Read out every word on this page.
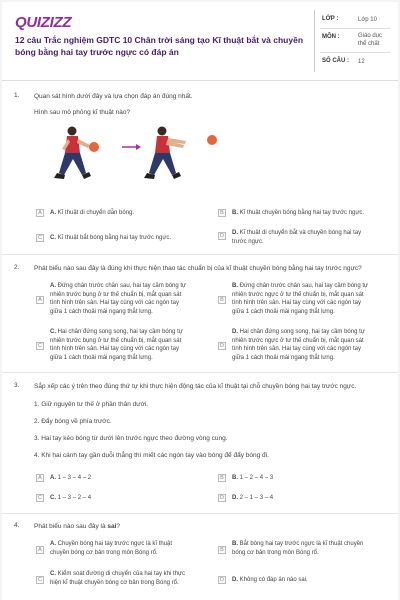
QUIZIZZ
12 câu Trắc nghiệm GDTC 10 Chân trời sáng tạo Kĩ thuật bắt và chuyền bóng bằng hai tay trước ngực có đáp án
LỚP :	Lớp 10
MÔN :	Giáo dục
thể chất
SỐ CÂU : 12
1. Quan sát hình dưới đây và lựa chọn đáp án đúng nhất.
Hình sau mô phỏng kĩ thuật nào?
A	A. Kĩ thuật di chuyển dẫn bóng.	B	B. Kĩ thuật chuyền bóng bằng hai tay trước ngực.
C	C. Kĩ thuật bắt bóng bằng hai tay trước ngực.	D	D. Kĩ thuật di chuyển bắt và chuyền bóng hai tay
trước ngực.
2. Phát biểu nào sau đây là đúng khi thực hiện thao tác chuẩn bị của kĩ thuật chuyền bóng bằng hai tay trước ngực?
A
A. Đứng chân trước chân sau, hai tay cầm bóng tự
nhiên trước bụng ở tư thế chuẩn bị, mắt quan sát
tình hình trên sân. Hai tay cùng với các ngón tay
giữa 1 cách thoải mái ngang thắt lưng.
B
B. Đứng chân trước chân sau, hai tay cầm bóng tự
nhiên trước ngực ở tư thế chuẩn bị, mắt quan sát
tình hình trên sân. Hai tay cùng với các ngón tay
giữa 1 cách thoải mái ngang thắt lưng.
C
C. Hai chân đứng song song, hai tay cầm bóng tự
nhiên trước bụng ở tư thế chuẩn bị, mắt quan sát
tình hình trên sân. Hai tay cùng với các ngón tay
giữa 1 cách thoải mái ngang thắt lưng.
D
D. Hai chân đứng song song, hai tay cầm bóng tự
nhiên trước ngực ở tư thế chuẩn bị, mắt quan sát
tình hình trên sân. Hai tay cùng với các ngón tay
giữa 1 cách thoải mái ngang thắt lưng.
3. Sắp xếp các ý trên theo đúng thứ tự khi thực hiện động tác của kĩ thuật tại chỗ chuyền bóng hai tay trước ngực.
1. Giữ nguyên tư thế ở phần thân dưới.
2. Đẩy bóng về phía trước.
3. Hai tay kéo bóng từ dưới lên trước ngực theo đường vòng cung.
4. Khi hai cánh tay gần duỗi thẳng thì miết các ngón tay vào bóng để đẩy bóng đi.
A	A. 1 – 3 – 4 – 2	B	B. 1 – 2 – 4 – 3
C	C. 1 – 3 – 2 – 4	D	D. 2 – 1 – 3 – 4
4. Phát biểu nào sau đây là sai?
A
A. Chuyền bóng hai tay trước ngực là kĩ thuật
chuyền bóng cơ bản trong môn Bóng rổ.	B
B. Bắt bóng hai tay trước ngực là kĩ thuật chuyền
bóng cơ bản trong môn Bóng rổ.
C
C. Kiểm soát đường di chuyển của hai tay khi thực
hiện kĩ thuật chuyền bóng cơ bản trong Bóng rổ.	D	D. Không có đáp án nào sai.
